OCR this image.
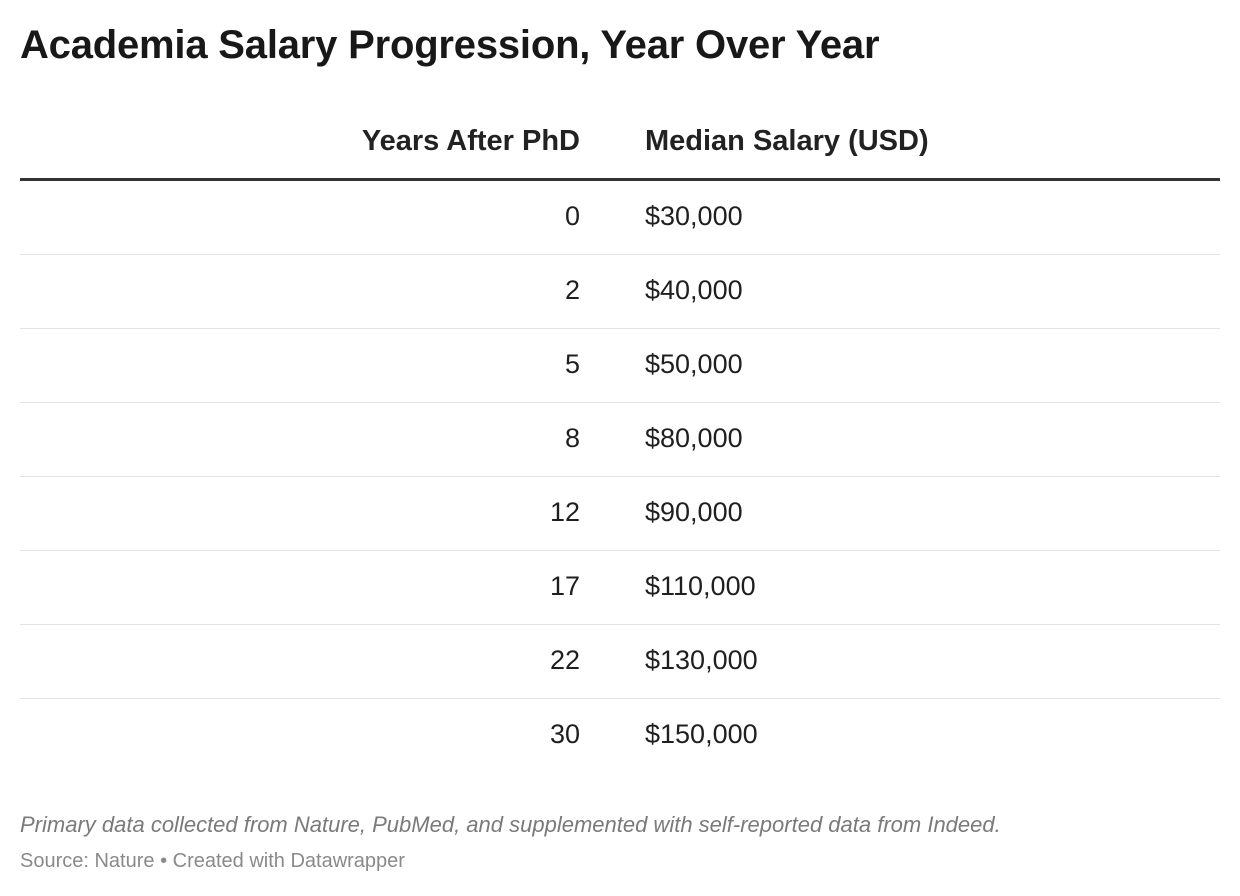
Academia Salary Progression, Year Over Year
Years After PhD Median Salary (USD)
0 $30,000
2 $40,000
5 $50,000
8 $80,000
12 $90,000
17 $110,000
22 $130,000
30 $150,000
Primary data collected from Nature, PubMed, and supplemented with self-reported data from Indeed.
Source: Nature • Created with Datawrapper
